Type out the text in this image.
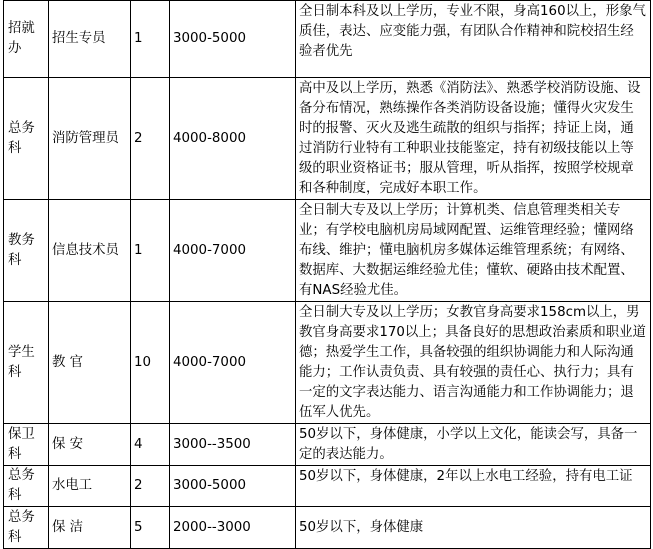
招就办	招生专员	1	3000-5000	全日制本科及以上学历，专业不限，身高160以上，形象气质佳，表达、应变能力强，有团队合作精神和院校招生经验者优先
总务科	消防管理员	2	4000-8000	高中及以上学历，熟悉《消防法》、熟悉学校消防设施、设备分布情况，熟练操作各类消防设备设施；懂得火灾发生时的报警、灭火及逃生疏散的组织与指挥；持证上岗，通过消防行业特有工种职业技能鉴定，持有初级技能以上等级的职业资格证书；服从管理，听从指挥，按照学校规章和各种制度，完成好本职工作。
教务科	信息技术员	1	4000-7000	全日制大专及以上学历；计算机类、信息管理类相关专业；有学校电脑机房局域网配置、运维管理经验；懂网络布线、维护；懂电脑机房多媒体运维管理系统；有网络、数据库、大数据运维经验尤佳；懂软、硬路由技术配置、有NAS经验尤佳。
学生科	教 官	10	4000-7000	全日制大专及以上学历；女教官身高要求158cm以上，男教官身高要求170以上；具备良好的思想政治素质和职业道德；热爱学生工作，具备较强的组织协调能力和人际沟通能力；工作认责负责、具有较强的责任心、执行力；具有一定的文字表达能力、语言沟通能力和工作协调能力；退伍军人优先。
保卫科	保 安	4	3000--3500	50岁以下，身体健康，小学以上文化，能读会写，具备一定的表达能力。
总务科	水电工	2	3000-5000	50岁以下，身体健康，2年以上水电工经验，持有电工证
总务科	保 洁	5	2000--3000	50岁以下，身体健康
